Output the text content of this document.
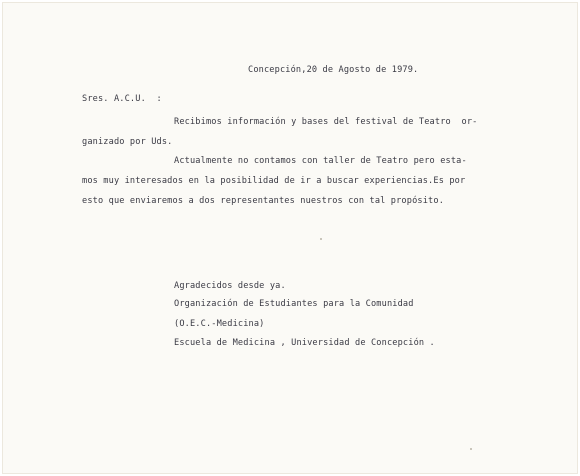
Concepción,20 de Agosto de 1979.
Sres. A.C.U.  :
Recibimos información y bases del festival de Teatro  or-
ganizado por Uds.
Actualmente no contamos con taller de Teatro pero esta-
mos muy interesados en la posibilidad de ir a buscar experiencias.Es por
esto que enviaremos a dos representantes nuestros con tal propósito.
Agradecidos desde ya.
Organización de Estudiantes para la Comunidad
(O.E.C.-Medicina)
Escuela de Medicina , Universidad de Concepción .
